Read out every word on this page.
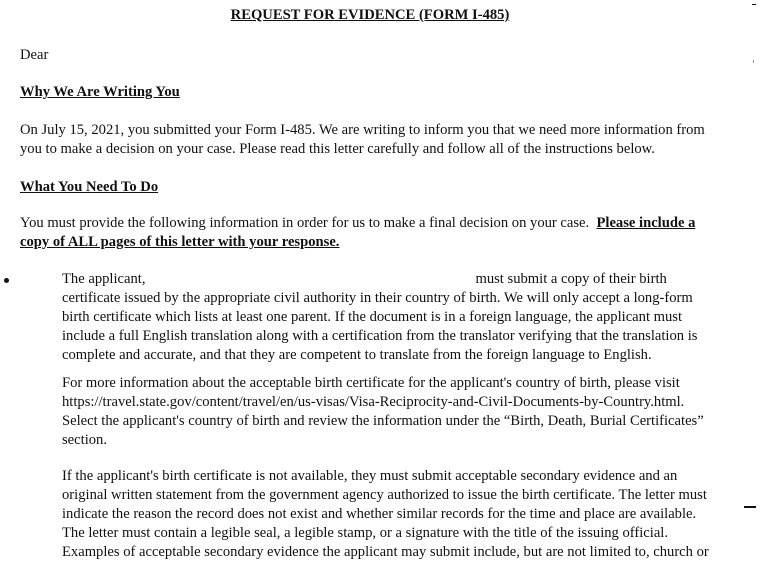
REQUEST FOR EVIDENCE (FORM I-485)
Dear
Why We Are Writing You
On July 15, 2021, you submitted your Form I-485. We are writing to inform you that we need more information from you to make a decision on your case. Please read this letter carefully and follow all of the instructions below.
What You Need To Do
You must provide the following information in order for us to make a final decision on your case. Please include a copy of ALL pages of this letter with your response.
The applicant,	must submit a copy of their birth certificate issued by the appropriate civil authority in their country of birth. We will only accept a long-form birth certificate which lists at least one parent. If the document is in a foreign language, the applicant must include a full English translation along with a certification from the translator verifying that the translation is complete and accurate, and that they are competent to translate from the foreign language to English.
For more information about the acceptable birth certificate for the applicant's country of birth, please visit https://travel.state.gov/content/travel/en/us-visas/Visa-Reciprocity-and-Civil-Documents-by-Country.html. Select the applicant's country of birth and review the information under the “Birth, Death, Burial Certificates” section.
If the applicant's birth certificate is not available, they must submit acceptable secondary evidence and an original written statement from the government agency authorized to issue the birth certificate. The letter must indicate the reason the record does not exist and whether similar records for the time and place are available. The letter must contain a legible seal, a legible stamp, or a signature with the title of the issuing official. Examples of acceptable secondary evidence the applicant may submit include, but are not limited to, church or
